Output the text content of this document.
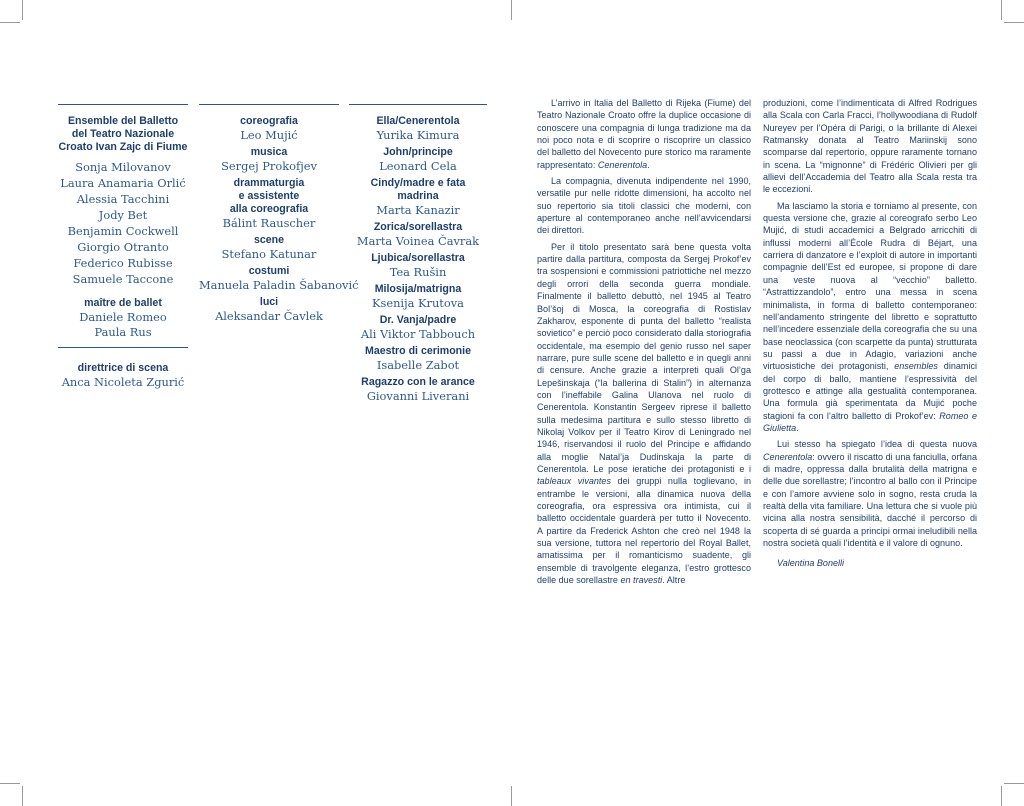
Ensemble del Balletto
del Teatro Nazionale
Croato Ivan Zajc di Fiume
Sonja Milovanov
Laura Anamaria Orlić
Alessia Tacchini
Jody Bet
Benjamin Cockwell
Giorgio Otranto
Federico Rubisse
Samuele Taccone
maître de ballet
Daniele Romeo
Paula Rus
direttrice di scena
Anca Nicoleta Zgurić
coreografia
Leo Mujić
musica
Sergej Prokofjev
drammaturgia
e assistente
alla coreografia
Bálint Rauscher
scene
Stefano Katunar
costumi
Manuela Paladin Šabanović
luci
Aleksandar Čavlek
Ella/Cenerentola
Yurika Kimura
John/principe
Leonard Cela
Cindy/madre e fata madrina
Marta Kanazir
Zorica/sorellastra
Marta Voinea Čavrak
Ljubica/sorellastra
Tea Rušin
Milosija/matrigna
Ksenija Krutova
Dr. Vanja/padre
Ali Viktor Tabbouch
Maestro di cerimonie
Isabelle Zabot
Ragazzo con le arance
Giovanni Liverani

L’arrivo in Italia del Balletto di Rijeka (Fiume) del Teatro Nazionale Croato offre la duplice occasione di conoscere una compagnia di lunga tradizione ma da noi poco nota e di scoprire o riscoprire un classico del balletto del Novecento pure storico ma raramente rappresentato: Cenerentola.

La compagnia, divenuta indipendente nel 1990, versatile pur nelle ridotte dimensioni, ha accolto nel suo repertorio sia titoli classici che moderni, con aperture al contemporaneo anche nell’avvicendarsi dei direttori.

Per il titolo presentato sarà bene questa volta partire dalla partitura, composta da Sergej Prokof’ev tra sospensioni e commissioni patriottiche nel mezzo degli orrori della seconda guerra mondiale. Finalmente il balletto debuttò, nel 1945 al Teatro Bol’šoj di Mosca, la coreografia di Rostislav Zakharov, esponente di punta del balletto “realista sovietico” e perciò poco considerato dalla storiografia occidentale, ma esempio del genio russo nel saper narrare, pure sulle scene del balletto e in quegli anni di censure. Anche grazie a interpreti quali Ol’ga Lepešinskaja (“la ballerina di Stalin”) in alternanza con l’ineffabile Galina Ulanova nel ruolo di Cenerentola. Konstantin Sergeev riprese il balletto sulla medesima partitura e sullo stesso libretto di Nikolaj Volkov per il Teatro Kirov di Leningrado nel 1946, riservandosi il ruolo del Principe e affidando alla moglie Natal’ja Dudinskaja la parte di Cenerentola. Le pose ieratiche dei protagonisti e i tableaux vivantes dei gruppi nulla toglievano, in entrambe le versioni, alla dinamica nuova della coreografia, ora espressiva ora intimista, cui il balletto occidentale guarderà per tutto il Novecento. A partire da Frederick Ashton che creò nel 1948 la sua versione, tuttora nel repertorio del Royal Ballet, amatissima per il romanticismo suadente, gli ensemble di travolgente eleganza, l’estro grottesco delle due sorellastre en travesti. Altre

produzioni, come l’indimenticata di Alfred Rodrigues alla Scala con Carla Fracci, l’hollywoodiana di Rudolf Nureyev per l’Opéra di Parigi, o la brillante di Alexei Ratmansky donata al Teatro Mariinskij sono scomparse dal repertorio, oppure raramente tornano in scena. La “mignonne” di Frédéric Olivieri per gli allievi dell’Accademia del Teatro alla Scala resta tra le eccezioni.

Ma lasciamo la storia e torniamo al presente, con questa versione che, grazie al coreografo serbo Leo Mujić, di studi accademici a Belgrado arricchiti di influssi moderni all’École Rudra di Béjart, una carriera di danzatore e l’exploit di autore in importanti compagnie dell’Est ed europee, si propone di dare una veste nuova al “vecchio” balletto. “Astrattizzandolo”, entro una messa in scena minimalista, in forma di balletto contemporaneo: nell’andamento stringente del libretto e soprattutto nell’incedere essenziale della coreografia che su una base neoclassica (con scarpette da punta) strutturata su passi a due in Adagio, variazioni anche virtuosistiche dei protagonisti, ensembles dinamici del corpo di ballo, mantiene l’espressività del grottesco e attinge alla gestualità contemporanea. Una formula già sperimentata da Mujić poche stagioni fa con l’altro balletto di Prokof’ev: Romeo e Giulietta.

Lui stesso ha spiegato l’idea di questa nuova Cenerentola: ovvero il riscatto di una fanciulla, orfana di madre, oppressa dalla brutalità della matrigna e delle due sorellastre; l’incontro al ballo con il Principe e con l’amore avviene solo in sogno, resta cruda la realtà della vita familiare. Una lettura che si vuole più vicina alla nostra sensibilità, dacché il percorso di scoperta di sé guarda a principi ormai ineludibili nella nostra società quali l’identità e il valore di ognuno.

Valentina Bonelli
